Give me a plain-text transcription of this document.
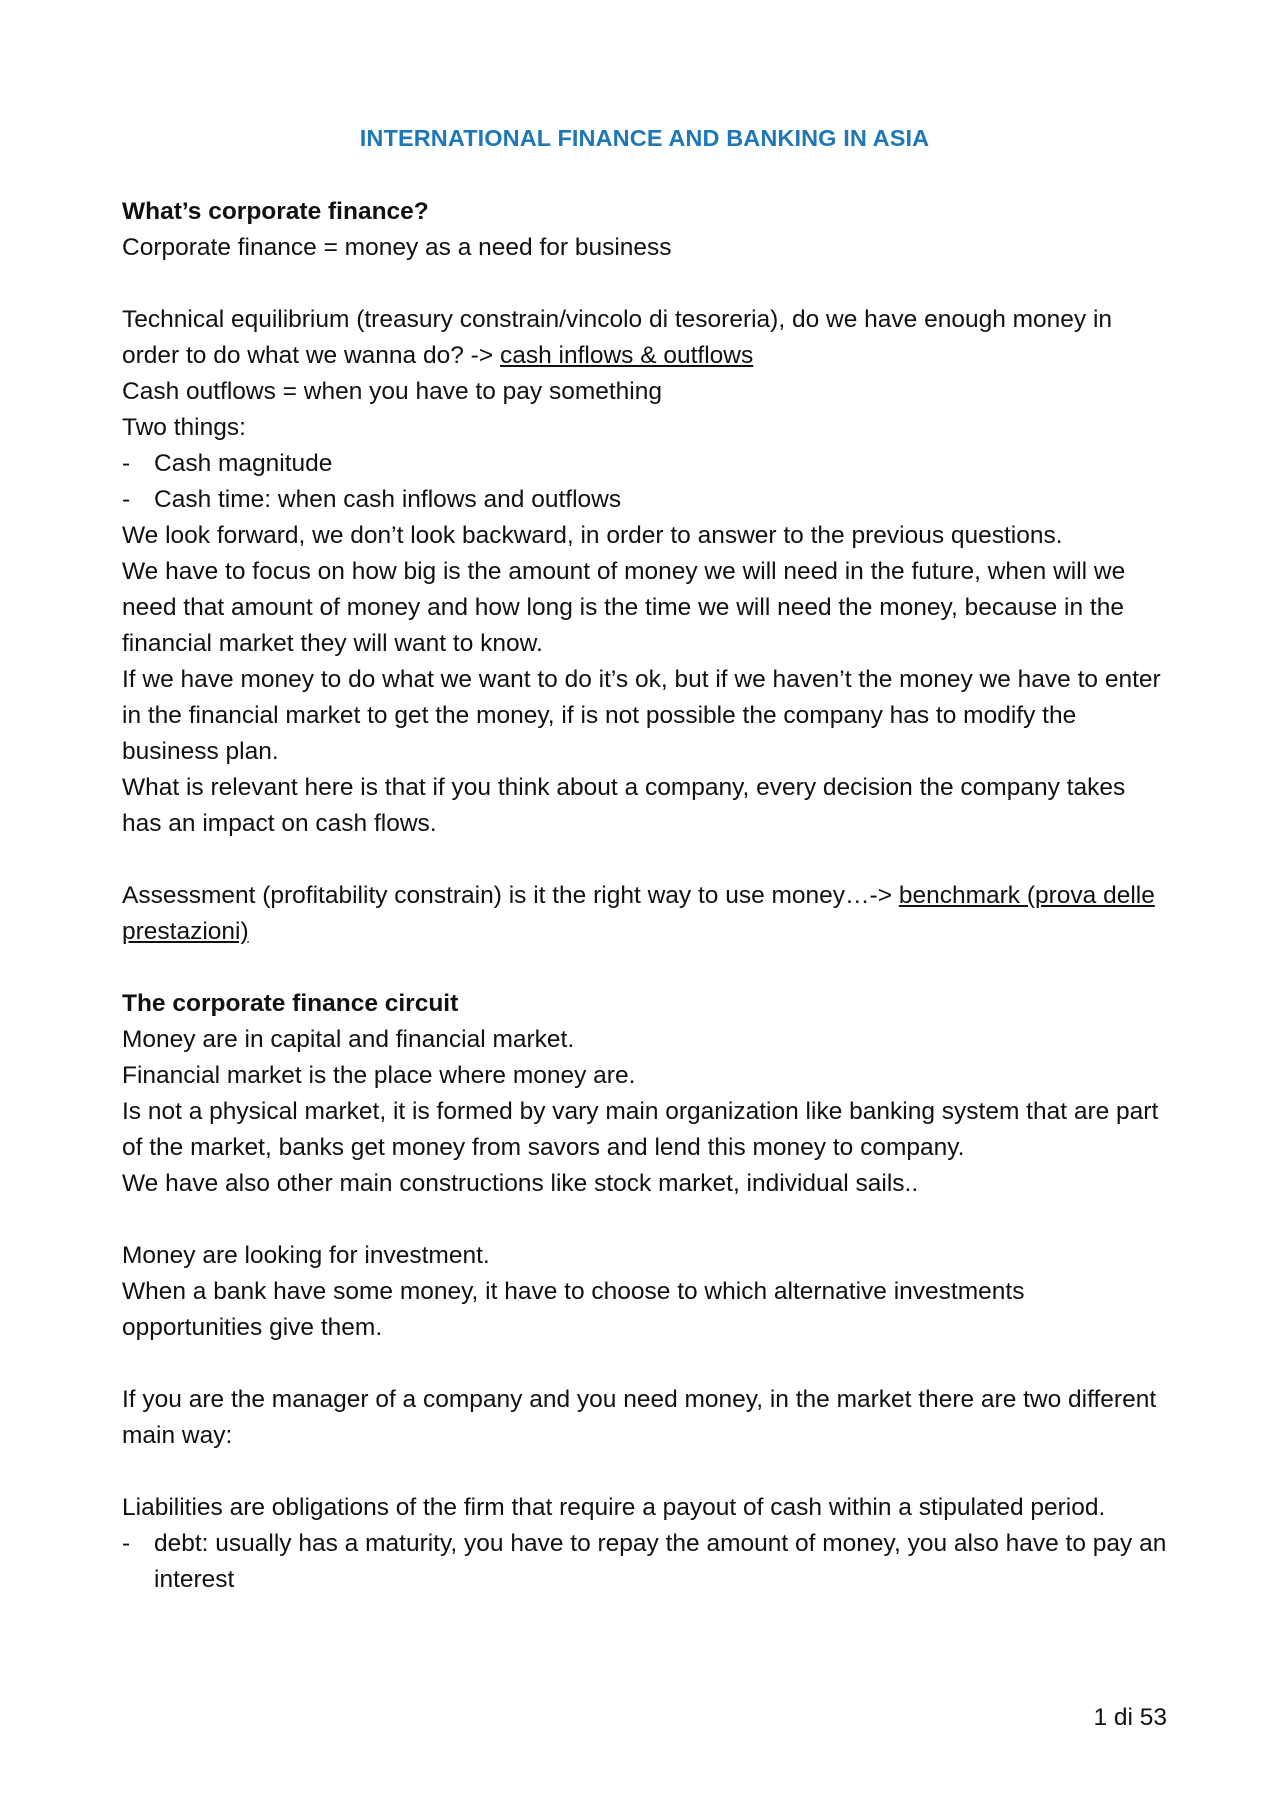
INTERNATIONAL FINANCE AND BANKING IN ASIA

What’s corporate finance?

Corporate finance = money as a need for business

Technical equilibrium (treasury constrain/vincolo di tesoreria), do we have enough money in order to do what we wanna do? -> cash inflows & outflows

Cash outflows = when you have to pay something

Two things:

- Cash magnitude
- Cash time: when cash inflows and outflows

We look forward, we don’t look backward, in order to answer to the previous questions.

We have to focus on how big is the amount of money we will need in the future, when will we need that amount of money and how long is the time we will need the money, because in the financial market they will want to know.

If we have money to do what we want to do it’s ok, but if we haven’t the money we have to enter in the financial market to get the money, if is not possible the company has to modify the business plan.

What is relevant here is that if you think about a company, every decision the company takes has an impact on cash flows.

Assessment (profitability constrain) is it the right way to use money…-> benchmark (prova delle prestazioni)

The corporate finance circuit

Money are in capital and financial market.

Financial market is the place where money are.

Is not a physical market, it is formed by vary main organization like banking system that are part of the market, banks get money from savors and lend this money to company.

We have also other main constructions like stock market, individual sails..

Money are looking for investment.

When a bank have some money, it have to choose to which alternative investments opportunities give them.

If you are the manager of a company and you need money, in the market there are two different main way:

Liabilities are obligations of the firm that require a payout of cash within a stipulated period.

- debt: usually has a maturity, you have to repay the amount of money, you also have to pay an interest
1 di 53
